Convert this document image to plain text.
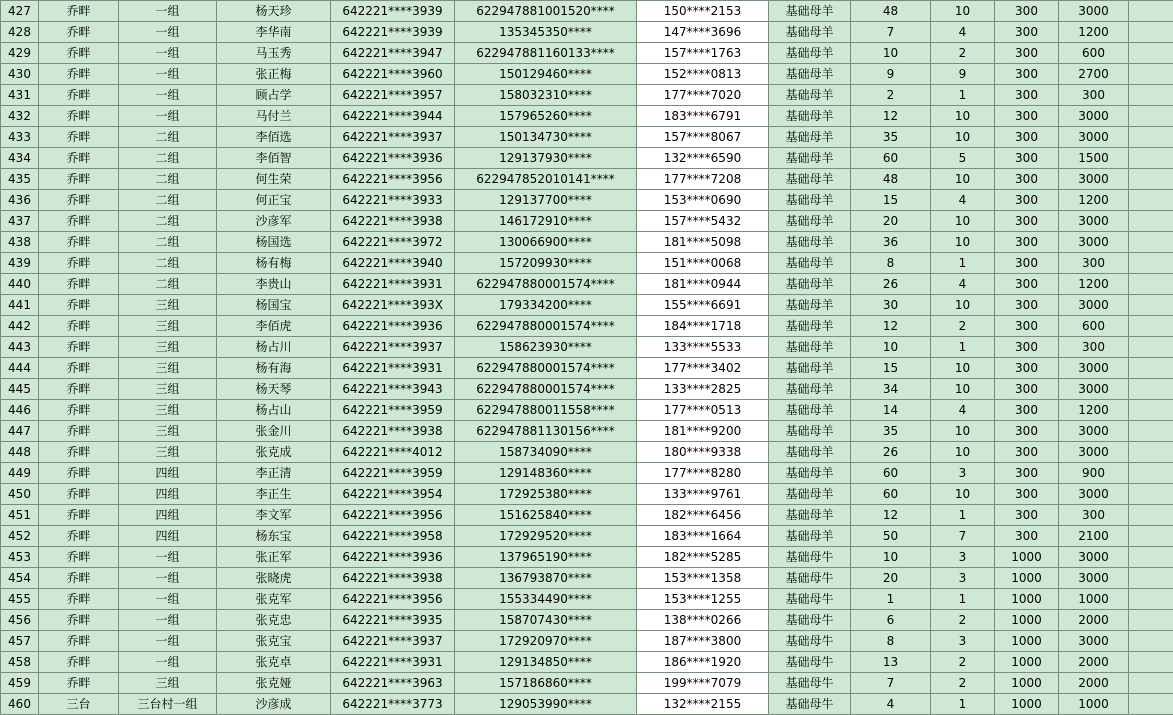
427	乔畔	一组	杨天珍	642221****3939	622947881001520****	150****2153	基础母羊	48	10	300	3000	
428	乔畔	一组	李华南	642221****3939	135345350****	147****3696	基础母羊	7	4	300	1200	
429	乔畔	一组	马玉秀	642221****3947	622947881160133****	157****1763	基础母羊	10	2	300	600	
430	乔畔	一组	张正梅	642221****3960	150129460****	152****0813	基础母羊	9	9	300	2700	
431	乔畔	一组	顾占学	642221****3957	158032310****	177****7020	基础母羊	2	1	300	300	
432	乔畔	一组	马付兰	642221****3944	157965260****	183****6791	基础母羊	12	10	300	3000	
433	乔畔	二组	李佰选	642221****3937	150134730****	157****8067	基础母羊	35	10	300	3000	
434	乔畔	二组	李佰智	642221****3936	129137930****	132****6590	基础母羊	60	5	300	1500	
435	乔畔	二组	何生荣	642221****3956	622947852010141****	177****7208	基础母羊	48	10	300	3000	
436	乔畔	二组	何正宝	642221****3933	129137700****	153****0690	基础母羊	15	4	300	1200	
437	乔畔	二组	沙彦军	642221****3938	146172910****	157****5432	基础母羊	20	10	300	3000	
438	乔畔	二组	杨国选	642221****3972	130066900****	181****5098	基础母羊	36	10	300	3000	
439	乔畔	二组	杨有梅	642221****3940	157209930****	151****0068	基础母羊	8	1	300	300	
440	乔畔	二组	李贵山	642221****3931	622947880001574****	181****0944	基础母羊	26	4	300	1200	
441	乔畔	三组	杨国宝	642221****393X	179334200****	155****6691	基础母羊	30	10	300	3000	
442	乔畔	三组	李佰虎	642221****3936	622947880001574****	184****1718	基础母羊	12	2	300	600	
443	乔畔	三组	杨占川	642221****3937	158623930****	133****5533	基础母羊	10	1	300	300	
444	乔畔	三组	杨有海	642221****3931	622947880001574****	177****3402	基础母羊	15	10	300	3000	
445	乔畔	三组	杨天琴	642221****3943	622947880001574****	133****2825	基础母羊	34	10	300	3000	
446	乔畔	三组	杨占山	642221****3959	622947880011558****	177****0513	基础母羊	14	4	300	1200	
447	乔畔	三组	张金川	642221****3938	622947881130156****	181****9200	基础母羊	35	10	300	3000	
448	乔畔	三组	张克成	642221****4012	158734090****	180****9338	基础母羊	26	10	300	3000	
449	乔畔	四组	李正清	642221****3959	129148360****	177****8280	基础母羊	60	3	300	900	
450	乔畔	四组	李正生	642221****3954	172925380****	133****9761	基础母羊	60	10	300	3000	
451	乔畔	四组	李文军	642221****3956	151625840****	182****6456	基础母羊	12	1	300	300	
452	乔畔	四组	杨东宝	642221****3958	172929520****	183****1664	基础母羊	50	7	300	2100	
453	乔畔	一组	张正军	642221****3936	137965190****	182****5285	基础母牛	10	3	1000	3000	
454	乔畔	一组	张晓虎	642221****3938	136793870****	153****1358	基础母牛	20	3	1000	3000	
455	乔畔	一组	张克军	642221****3956	155334490****	153****1255	基础母牛	1	1	1000	1000	
456	乔畔	一组	张克忠	642221****3935	158707430****	138****0266	基础母牛	6	2	1000	2000	
457	乔畔	一组	张克宝	642221****3937	172920970****	187****3800	基础母牛	8	3	1000	3000	
458	乔畔	一组	张克卓	642221****3931	129134850****	186****1920	基础母牛	13	2	1000	2000	
459	乔畔	三组	张克娅	642221****3963	157186860****	199****7079	基础母牛	7	2	1000	2000	
460	三台	三台村一组	沙彦成	642221****3773	129053990****	132****2155	基础母牛	4	1	1000	1000	
